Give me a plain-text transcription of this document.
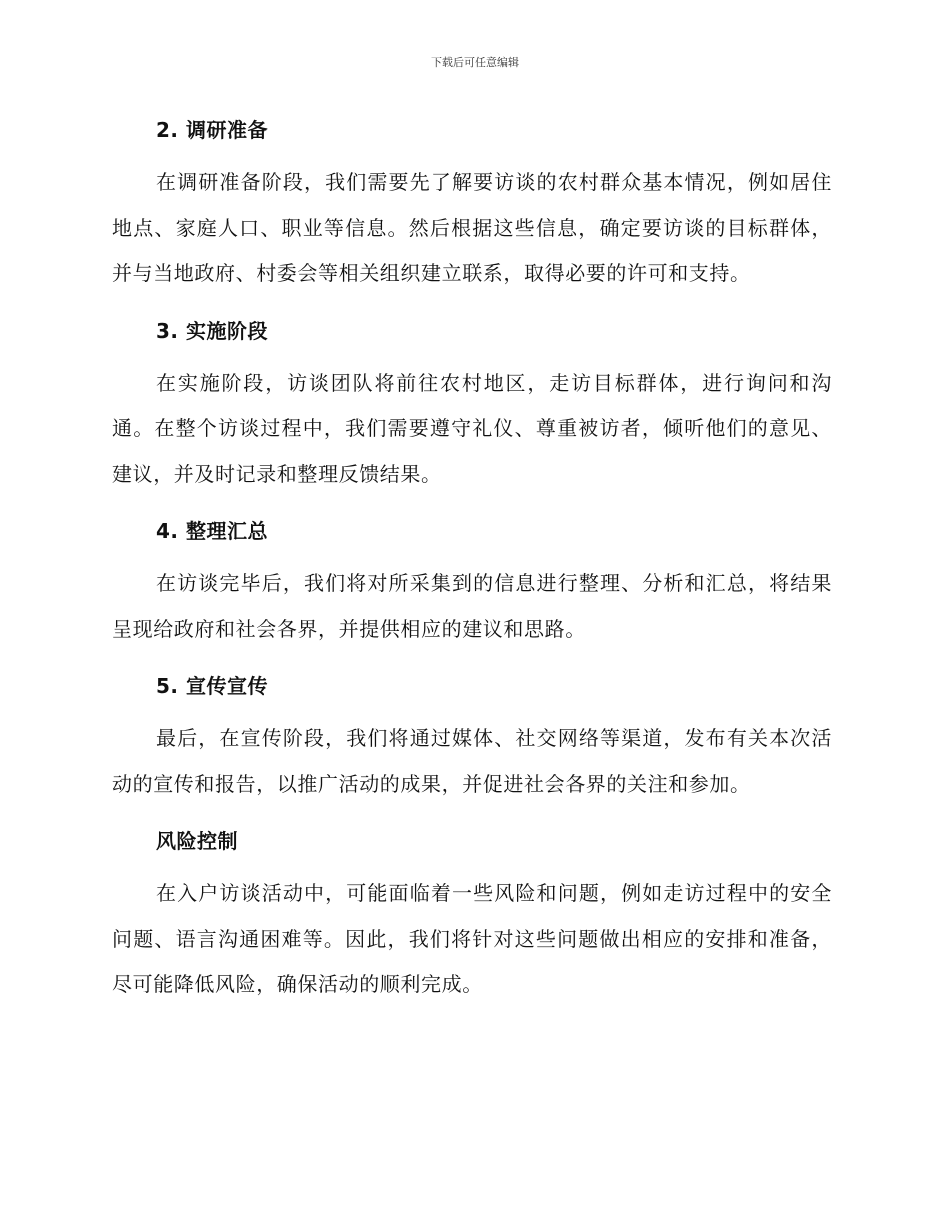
下载后可任意编辑
2. 调研准备

在调研准备阶段，我们需要先了解要访谈的农村群众基本情况，例如居住地点、家庭人口、职业等信息。然后根据这些信息，确定要访谈的目标群体，并与当地政府、村委会等相关组织建立联系，取得必要的许可和支持。

3. 实施阶段

在实施阶段，访谈团队将前往农村地区，走访目标群体，进行询问和沟通。在整个访谈过程中，我们需要遵守礼仪、尊重被访者，倾听他们的意见、建议，并及时记录和整理反馈结果。

4. 整理汇总

在访谈完毕后，我们将对所采集到的信息进行整理、分析和汇总，将结果呈现给政府和社会各界，并提供相应的建议和思路。

5. 宣传宣传

最后，在宣传阶段，我们将通过媒体、社交网络等渠道，发布有关本次活动的宣传和报告，以推广活动的成果，并促进社会各界的关注和参加。

风险控制

在入户访谈活动中，可能面临着一些风险和问题，例如走访过程中的安全问题、语言沟通困难等。因此，我们将针对这些问题做出相应的安排和准备，尽可能降低风险，确保活动的顺利完成。
